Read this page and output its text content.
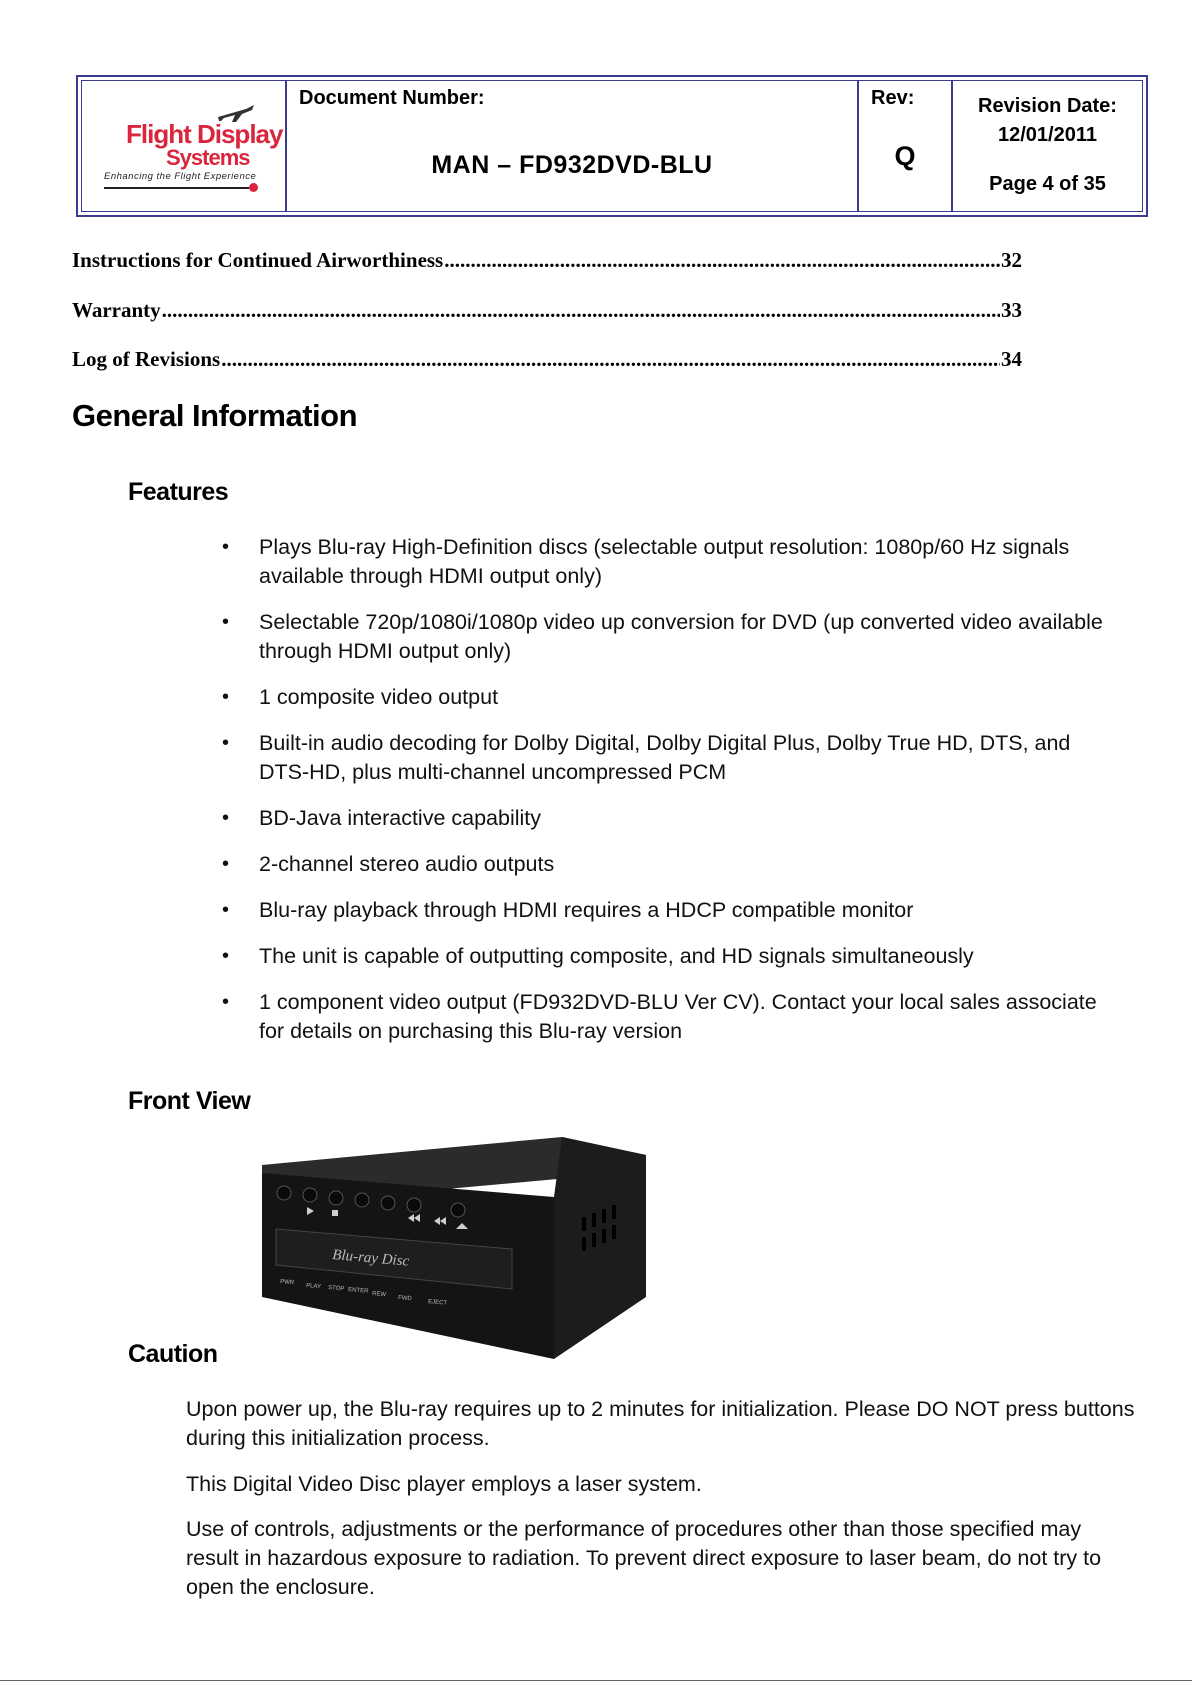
Flight Display
Systems
Enhancing the Flight Experience
Document Number:
MAN – FD932DVD-BLU
Rev:
Q
Revision Date:
12/01/2011
Page 4 of 35
Instructions for Continued Airworthiness .....	32
Warranty .....	33
Log of Revisions .....	34
General Information
Features
• Plays Blu-ray High-Definition discs (selectable output resolution: 1080p/60 Hz signals available through HDMI output only)
• Selectable 720p/1080i/1080p video up conversion for DVD (up converted video available through HDMI output only)
• 1 composite video output
• Built-in audio decoding for Dolby Digital, Dolby Digital Plus, Dolby True HD, DTS, and DTS-HD, plus multi-channel uncompressed PCM
• BD-Java interactive capability
• 2-channel stereo audio outputs
• Blu-ray playback through HDMI requires a HDCP compatible monitor
• The unit is capable of outputting composite, and HD signals simultaneously
• 1 component video output (FD932DVD-BLU Ver CV). Contact your local sales associate for details on purchasing this Blu-ray version
Front View
Blu-ray Disc
PWR
PLAY STOP ENTER REW
FWD
EJECT
Caution
Upon power up, the Blu-ray requires up to 2 minutes for initialization. Please DO NOT press buttons during this initialization process.
This Digital Video Disc player employs a laser system.
Use of controls, adjustments or the performance of procedures other than those specified may result in hazardous exposure to radiation. To prevent direct exposure to laser beam, do not try to open the enclosure.
